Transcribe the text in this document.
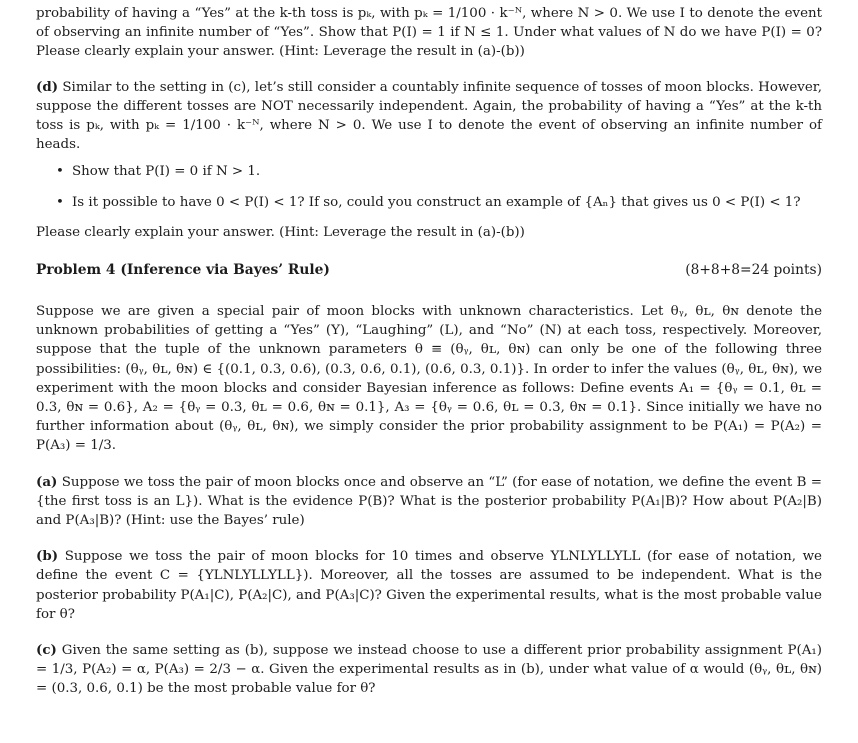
probability of having a “Yes” at the k-th toss is pₖ, with pₖ = 1/100 · k⁻ᴺ, where N > 0. We use I to denote the event of observing an infinite number of “Yes”. Show that P(I) = 1 if N ≤ 1. Under what values of N do we have P(I) = 0? Please clearly explain your answer. (Hint: Leverage the result in (a)-(b))

(d) Similar to the setting in (c), let’s still consider a countably infinite sequence of tosses of moon blocks. However, suppose the different tosses are NOT necessarily independent. Again, the probability of having a “Yes” at the k-th toss is pₖ, with pₖ = 1/100 · k⁻ᴺ, where N > 0. We use I to denote the event of observing an infinite number of heads.

• Show that P(I) = 0 if N > 1.
• Is it possible to have 0 < P(I) < 1? If so, could you construct an example of {Aₙ} that gives us 0 < P(I) < 1?

Please clearly explain your answer. (Hint: Leverage the result in (a)-(b))

Problem 4 (Inference via Bayes’ Rule)	(8+8+8=24 points)

Suppose we are given a special pair of moon blocks with unknown characteristics. Let θᵧ, θʟ, θɴ denote the unknown probabilities of getting a “Yes” (Y), “Laughing” (L), and “No” (N) at each toss, respectively. Moreover, suppose that the tuple of the unknown parameters θ ≡ (θᵧ, θʟ, θɴ) can only be one of the following three possibilities: (θᵧ, θʟ, θɴ) ∈ {(0.1, 0.3, 0.6), (0.3, 0.6, 0.1), (0.6, 0.3, 0.1)}. In order to infer the values (θᵧ, θʟ, θɴ), we experiment with the moon blocks and consider Bayesian inference as follows: Define events A₁ = {θᵧ = 0.1, θʟ = 0.3, θɴ = 0.6}, A₂ = {θᵧ = 0.3, θʟ = 0.6, θɴ = 0.1}, A₃ = {θᵧ = 0.6, θʟ = 0.3, θɴ = 0.1}. Since initially we have no further information about (θᵧ, θʟ, θɴ), we simply consider the prior probability assignment to be P(A₁) = P(A₂) = P(A₃) = 1/3.

(a) Suppose we toss the pair of moon blocks once and observe an “L” (for ease of notation, we define the event B = {the first toss is an L}). What is the evidence P(B)? What is the posterior probability P(A₁|B)? How about P(A₂|B) and P(A₃|B)? (Hint: use the Bayes’ rule)

(b) Suppose we toss the pair of moon blocks for 10 times and observe YLNLYLLYLL (for ease of notation, we define the event C = {YLNLYLLYLL}). Moreover, all the tosses are assumed to be independent. What is the posterior probability P(A₁|C), P(A₂|C), and P(A₃|C)? Given the experimental results, what is the most probable value for θ?

(c) Given the same setting as (b), suppose we instead choose to use a different prior probability assignment P(A₁) = 1/3, P(A₂) = α, P(A₃) = 2/3 − α. Given the experimental results as in (b), under what value of α would (θᵧ, θʟ, θɴ) = (0.3, 0.6, 0.1) be the most probable value for θ?
